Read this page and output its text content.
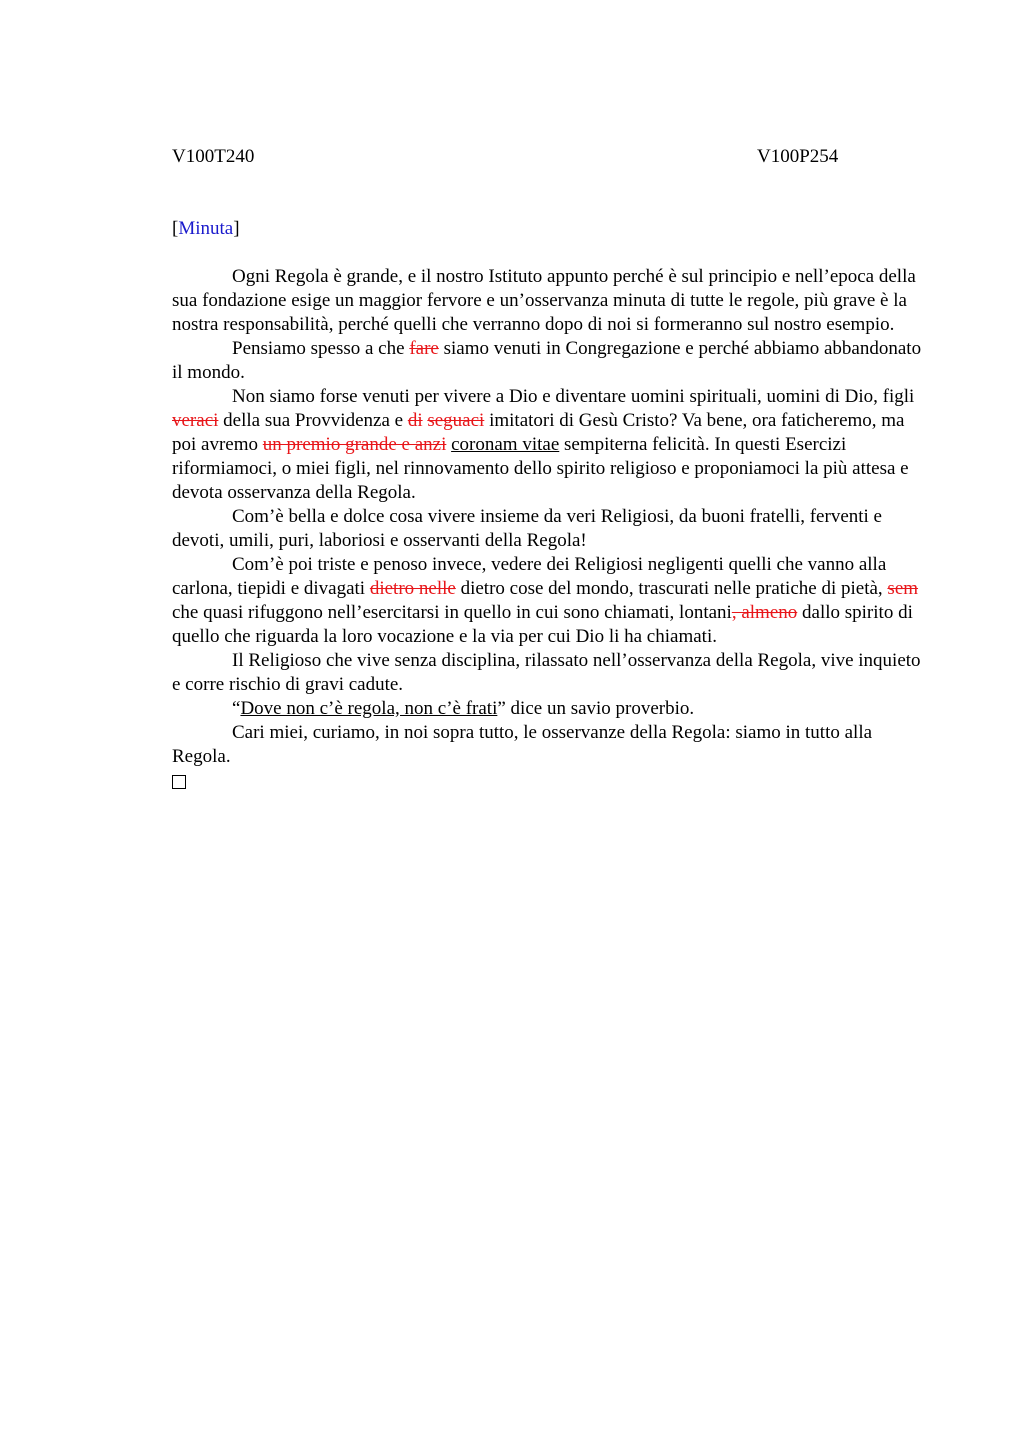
V100T240	V100P254
[Minuta]

Ogni Regola è grande, e il nostro Istituto appunto perché è sul principio e nell’epoca della sua fondazione esige un maggior fervore e un’osservanza minuta di tutte le regole, più grave è la nostra responsabilità, perché quelli che verranno dopo di noi si formeranno sul nostro esempio.

Pensiamo spesso a che fare siamo venuti in Congregazione e perché abbiamo abbandonato il mondo.

Non siamo forse venuti per vivere a Dio e diventare uomini spirituali, uomini di Dio, figli veraci della sua Provvidenza e di seguaci imitatori di Gesù Cristo? Va bene, ora faticheremo, ma poi avremo un premio grande e anzi coronam vitae sempiterna felicità. In questi Esercizi riformiamoci, o miei figli, nel rinnovamento dello spirito religioso e proponiamoci la più attesa e devota osservanza della Regola.

Com’è bella e dolce cosa vivere insieme da veri Religiosi, da buoni fratelli, ferventi e devoti, umili, puri, laboriosi e osservanti della Regola!

Com’è poi triste e penoso invece, vedere dei Religiosi negligenti quelli che vanno alla carlona, tiepidi e divagati dietro nelle dietro cose del mondo, trascurati nelle pratiche di pietà, sem che quasi rifuggono nell’esercitarsi in quello in cui sono chiamati, lontani, almeno dallo spirito di quello che riguarda la loro vocazione e la via per cui Dio li ha chiamati.

Il Religioso che vive senza disciplina, rilassato nell’osservanza della Regola, vive inquieto e corre rischio di gravi cadute.

“Dove non c’è regola, non c’è frati” dice un savio proverbio.

Cari miei, curiamo, in noi sopra tutto, le osservanze della Regola: siamo in tutto alla Regola.
